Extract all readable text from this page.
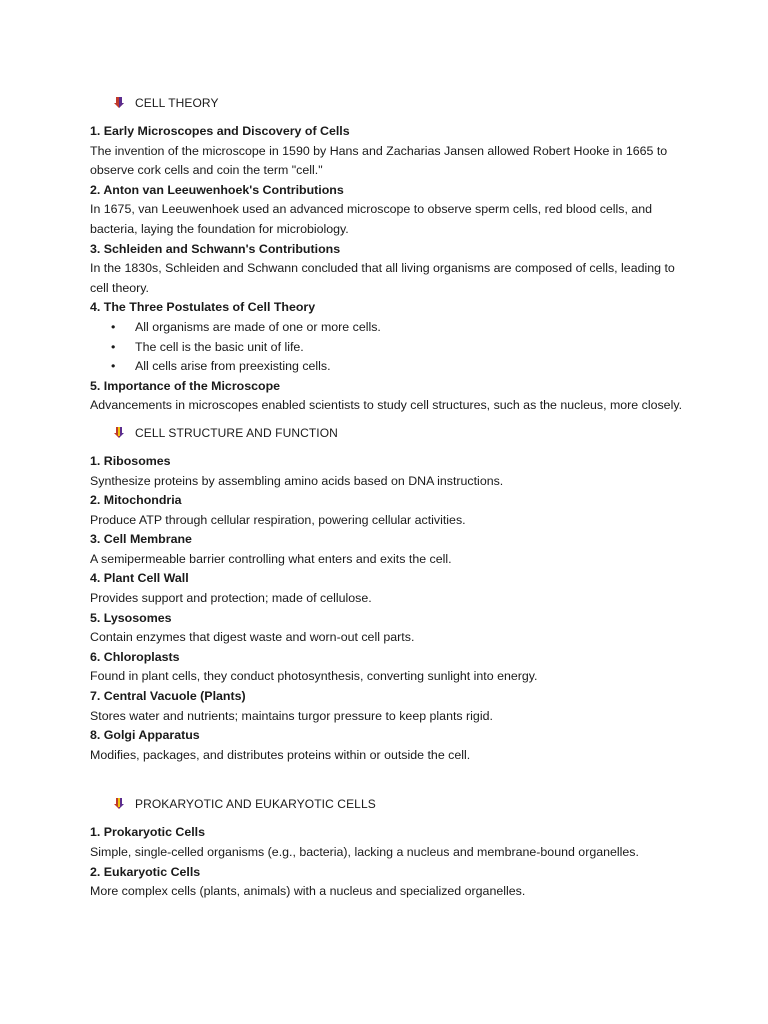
CELL THEORY
1. Early Microscopes and Discovery of Cells
The invention of the microscope in 1590 by Hans and Zacharias Jansen allowed Robert Hooke in 1665 to observe cork cells and coin the term "cell."
2. Anton van Leeuwenhoek's Contributions
In 1675, van Leeuwenhoek used an advanced microscope to observe sperm cells, red blood cells, and bacteria, laying the foundation for microbiology.
3. Schleiden and Schwann's Contributions
In the 1830s, Schleiden and Schwann concluded that all living organisms are composed of cells, leading to cell theory.
4. The Three Postulates of Cell Theory
• All organisms are made of one or more cells.
• The cell is the basic unit of life.
• All cells arise from preexisting cells.
5. Importance of the Microscope
Advancements in microscopes enabled scientists to study cell structures, such as the nucleus, more closely.
CELL STRUCTURE AND FUNCTION
1. Ribosomes
Synthesize proteins by assembling amino acids based on DNA instructions.
2. Mitochondria
Produce ATP through cellular respiration, powering cellular activities.
3. Cell Membrane
A semipermeable barrier controlling what enters and exits the cell.
4. Plant Cell Wall
Provides support and protection; made of cellulose.
5. Lysosomes
Contain enzymes that digest waste and worn-out cell parts.
6. Chloroplasts
Found in plant cells, they conduct photosynthesis, converting sunlight into energy.
7. Central Vacuole (Plants)
Stores water and nutrients; maintains turgor pressure to keep plants rigid.
8. Golgi Apparatus
Modifies, packages, and distributes proteins within or outside the cell.
PROKARYOTIC AND EUKARYOTIC CELLS
1. Prokaryotic Cells
Simple, single-celled organisms (e.g., bacteria), lacking a nucleus and membrane-bound organelles.
2. Eukaryotic Cells
More complex cells (plants, animals) with a nucleus and specialized organelles.
